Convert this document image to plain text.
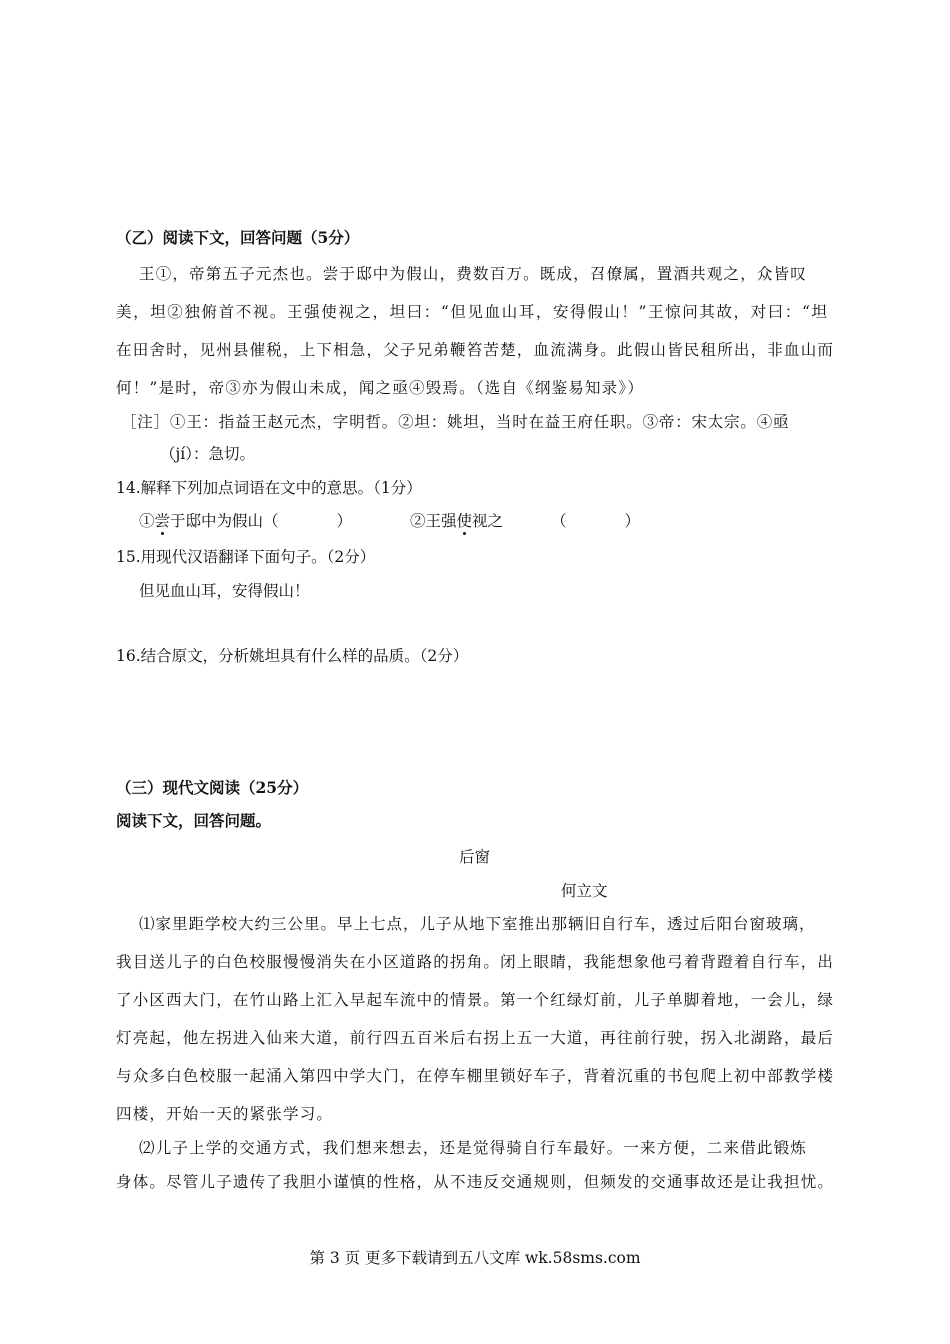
（乙）阅读下文，回答问题（5分）
王①，帝第五子元杰也。尝于邸中为假山，费数百万。既成，召僚属，置酒共观之，众皆叹
美，坦②独俯首不视。王强使视之，坦曰：“但见血山耳，安得假山！”王惊问其故，对曰：“坦
在田舍时，见州县催税，上下相急，父子兄弟鞭笞苦楚，血流满身。此假山皆民租所出，非血山而
何！”是时，帝③亦为假山未成，闻之亟④毁焉。（选自《纲鉴易知录》）
［注］①王：指益王赵元杰，字明哲。②坦：姚坦，当时在益王府任职。③帝：宋太宗。④亟
（jí）：急切。
14.解释下列加点词语在文中的意思。（1分）
①尝于邸中为假山（	）	②王强使视之	（	）
15.用现代汉语翻译下面句子。（2分）
但见血山耳，安得假山！
16.结合原文，分析姚坦具有什么样的品质。（2分）
（三）现代文阅读（25分）
阅读下文，回答问题。
后窗
何立文
⑴家里距学校大约三公里。早上七点，儿子从地下室推出那辆旧自行车，透过后阳台窗玻璃，
我目送儿子的白色校服慢慢消失在小区道路的拐角。闭上眼睛，我能想象他弓着背蹬着自行车，出
了小区西大门，在竹山路上汇入早起车流中的情景。第一个红绿灯前，儿子单脚着地，一会儿，绿
灯亮起，他左拐进入仙来大道，前行四五百米后右拐上五一大道，再往前行驶，拐入北湖路，最后
与众多白色校服一起涌入第四中学大门，在停车棚里锁好车子，背着沉重的书包爬上初中部教学楼
四楼，开始一天的紧张学习。
⑵儿子上学的交通方式，我们想来想去，还是觉得骑自行车最好。一来方便，二来借此锻炼
身体。尽管儿子遗传了我胆小谨慎的性格，从不违反交通规则，但频发的交通事故还是让我担忧。
第 3 页 更多下载请到五八文库 wk.58sms.com
